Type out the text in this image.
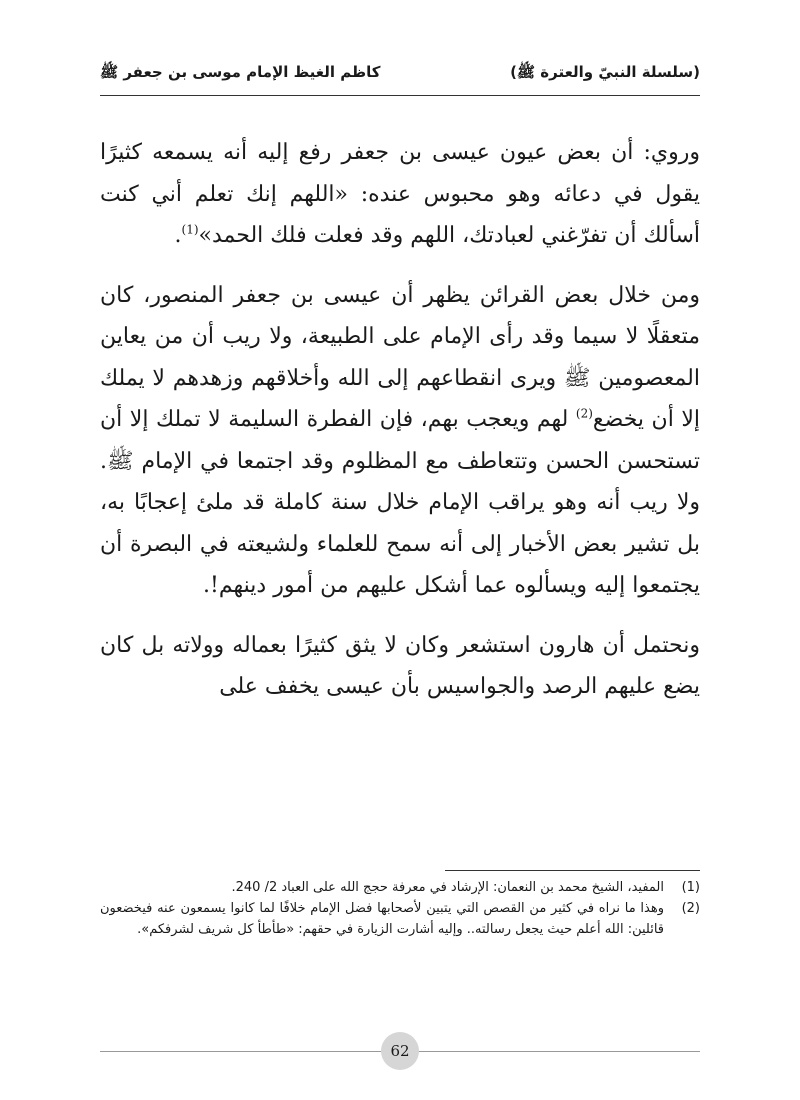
(سلسلة النبيّ والعترة ﷺ)
كاظم الغيظ الإمام موسى بن جعفر ﷺ

وروي: أن بعض عيون عيسى بن جعفر رفع إليه أنه يسمعه كثيرًا يقول في دعائه وهو محبوس عنده: «اللهم إنك تعلم أني كنت أسألك أن تفرّغني لعبادتك، اللهم وقد فعلت فلك الحمد»$^{(1)}$.

ومن خلال بعض القرائن يظهر أن عيسى بن جعفر المنصور، كان متعقلًا لا سيما وقد رأى الإمام على الطبيعة، ولا ريب أن من يعاين المعصومين ﷺ ويرى انقطاعهم إلى الله وأخلاقهم وزهدهم لا يملك إلا أن يخضع$^{(2)}$ لهم ويعجب بهم، فإن الفطرة السليمة لا تملك إلا أن تستحسن الحسن وتتعاطف مع المظلوم وقد اجتمعا في الإمام ﷺ. ولا ريب أنه وهو يراقب الإمام خلال سنة كاملة قد ملئ إعجابًا به، بل تشير بعض الأخبار إلى أنه سمح للعلماء ولشيعته في البصرة أن يجتمعوا إليه ويسألوه عما أشكل عليهم من أمور دينهم!.

ونحتمل أن هارون استشعر وكان لا يثق كثيرًا بعماله وولاته بل كان يضع عليهم الرصد والجواسيس بأن عيسى يخفف على

(1)
المفيد، الشيخ محمد بن النعمان: الإرشاد في معرفة حجج الله على العباد 2/ 240.
(2)
وهذا ما نراه في كثير من القصص التي يتبين لأصحابها فضل الإمام خلافًا لما كانوا يسمعون عنه فيخضعون قائلين: الله أعلم حيث يجعل رسالته.. وإليه أشارت الزيارة في حقهم: «طأطأ كل شريف لشرفكم».
62
